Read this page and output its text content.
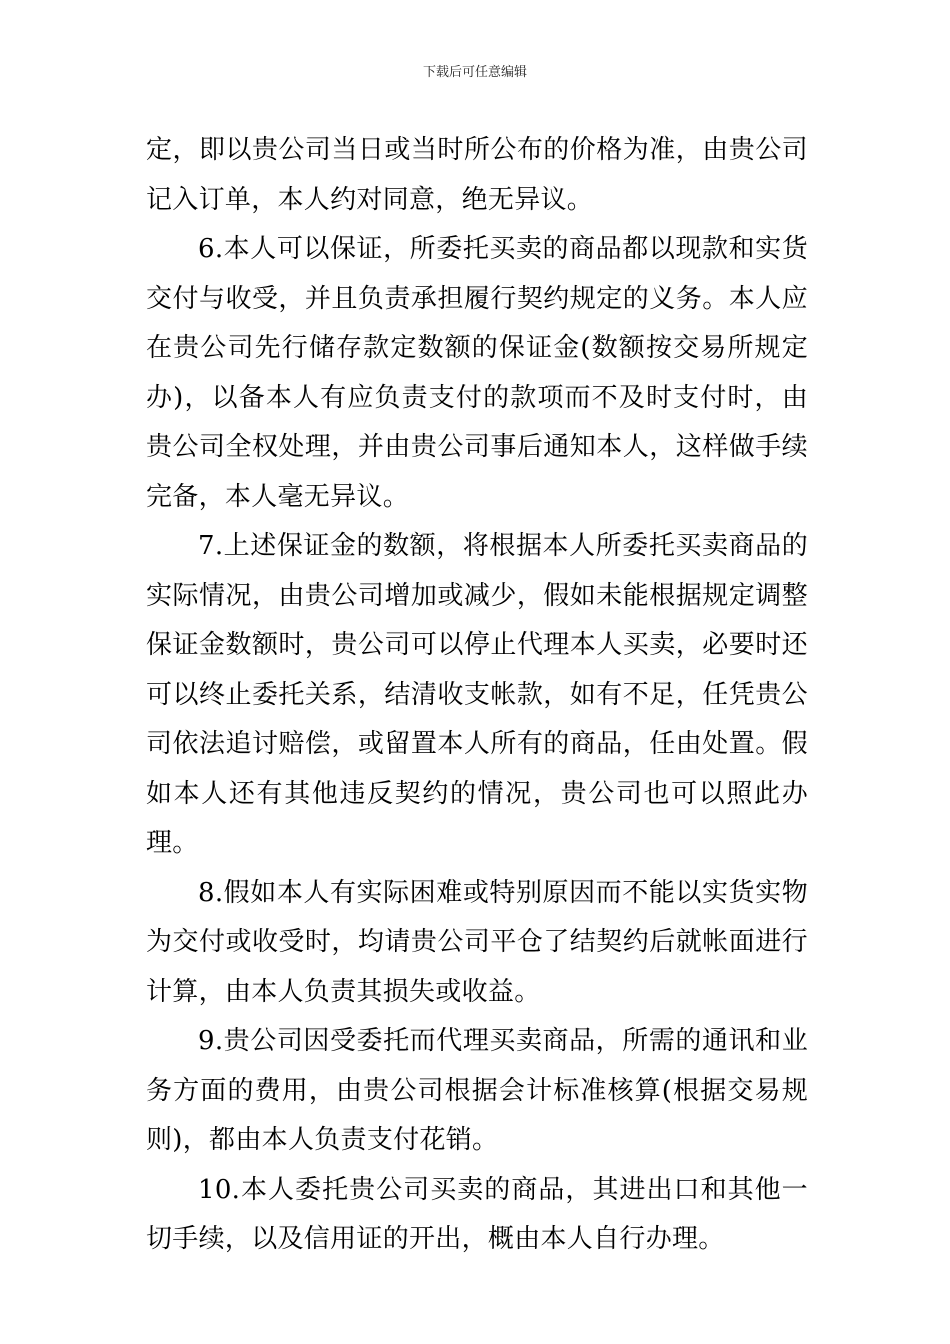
下载后可任意编辑

定，即以贵公司当日或当时所公布的价格为准，由贵公司记入订单，本人约对同意，绝无异议。

6.本人可以保证，所委托买卖的商品都以现款和实货交付与收受，并且负责承担履行契约规定的义务。本人应在贵公司先行储存款定数额的保证金(数额按交易所规定办)，以备本人有应负责支付的款项而不及时支付时，由贵公司全权处理，并由贵公司事后通知本人，这样做手续完备，本人毫无异议。

7.上述保证金的数额，将根据本人所委托买卖商品的实际情况，由贵公司增加或减少，假如未能根据规定调整保证金数额时，贵公司可以停止代理本人买卖，必要时还可以终止委托关系，结清收支帐款，如有不足，任凭贵公司依法追讨赔偿，或留置本人所有的商品，任由处置。假如本人还有其他违反契约的情况，贵公司也可以照此办理。

8.假如本人有实际困难或特别原因而不能以实货实物为交付或收受时，均请贵公司平仓了结契约后就帐面进行计算，由本人负责其损失或收益。

9.贵公司因受委托而代理买卖商品，所需的通讯和业务方面的费用，由贵公司根据会计标准核算(根据交易规则)，都由本人负责支付花销。

10.本人委托贵公司买卖的商品，其进出口和其他一切手续，以及信用证的开出，概由本人自行办理。
